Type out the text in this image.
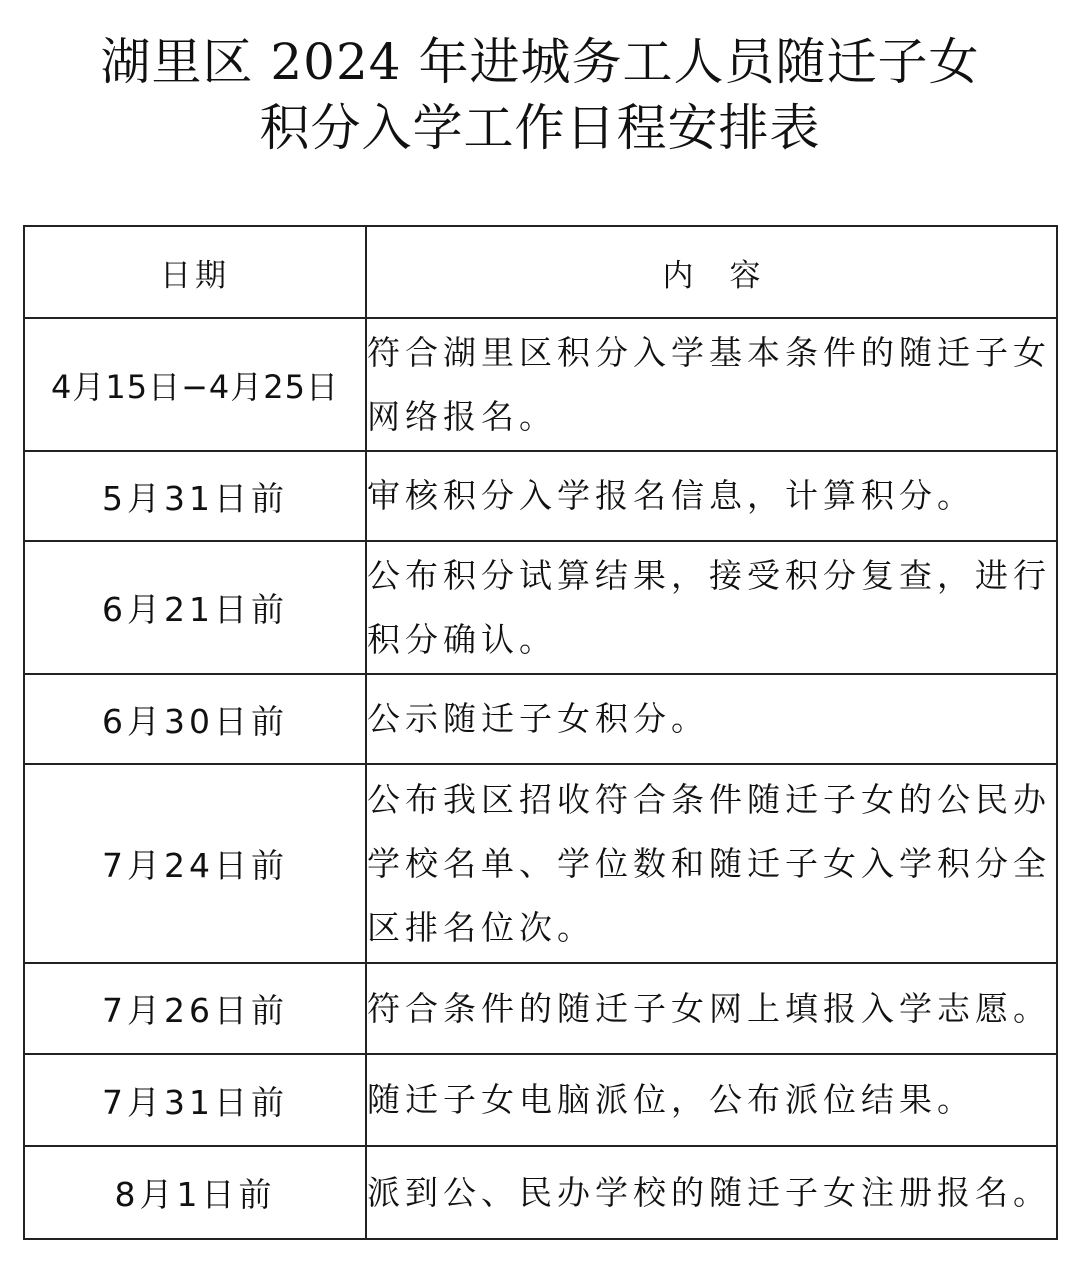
湖里区 2024 年进城务工人员随迁子女
积分入学工作日程安排表
日期	内容
4月15日−4月25日	符合湖里区积分入学基本条件的随迁子女网络报名。
5月31日前	审核积分入学报名信息，计算积分。
6月21日前	公布积分试算结果，接受积分复查，进行积分确认。
6月30日前	公示随迁子女积分。
7月24日前	公布我区招收符合条件随迁子女的公民办学校名单、学位数和随迁子女入学积分全区排名位次。
7月26日前	符合条件的随迁子女网上填报入学志愿。
7月31日前	随迁子女电脑派位，公布派位结果。
8月1日前	派到公、民办学校的随迁子女注册报名。
